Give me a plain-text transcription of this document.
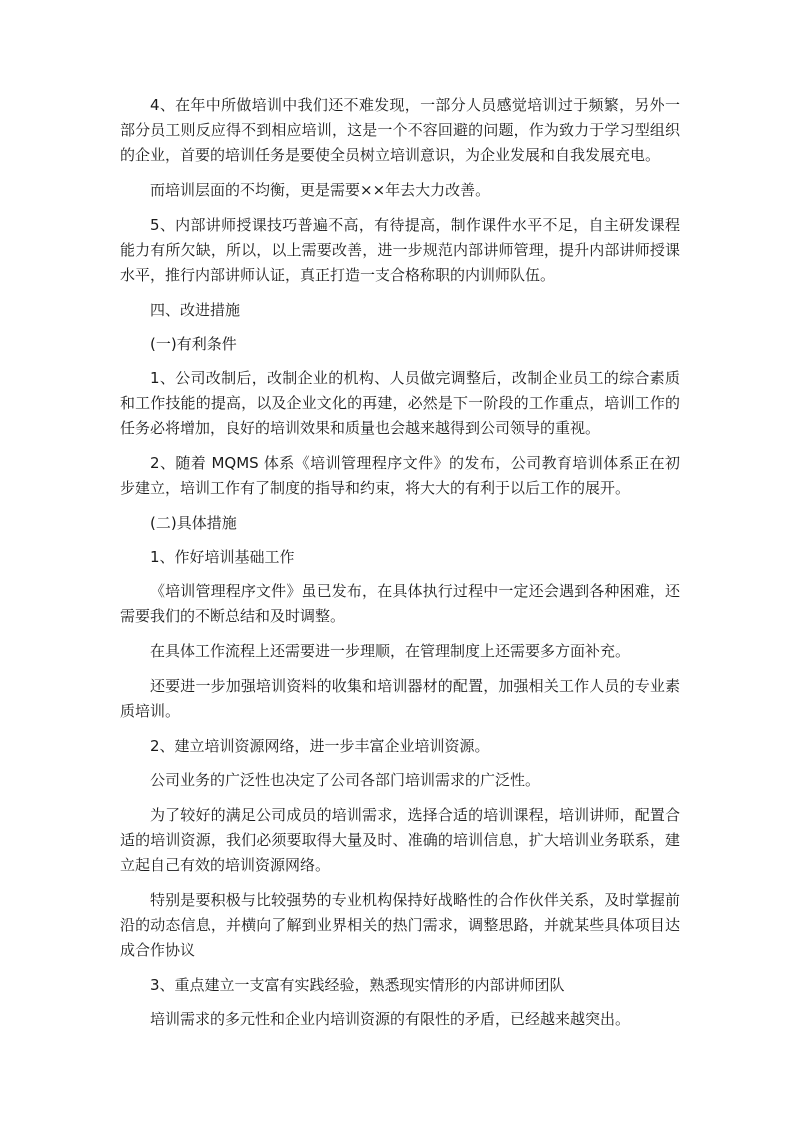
4、在年中所做培训中我们还不难发现，一部分人员感觉培训过于频繁，另外一部分员工则反应得不到相应培训，这是一个不容回避的问题，作为致力于学习型组织的企业，首要的培训任务是要使全员树立培训意识，为企业发展和自我发展充电。

而培训层面的不均衡，更是需要××年去大力改善。

5、内部讲师授课技巧普遍不高，有待提高，制作课件水平不足，自主研发课程能力有所欠缺，所以，以上需要改善，进一步规范内部讲师管理，提升内部讲师授课水平，推行内部讲师认证，真正打造一支合格称职的内训师队伍。

四、改进措施

(一)有利条件

1、公司改制后，改制企业的机构、人员做完调整后，改制企业员工的综合素质和工作技能的提高，以及企业文化的再建，必然是下一阶段的工作重点，培训工作的任务必将增加，良好的培训效果和质量也会越来越得到公司领导的重视。

2、随着 MQMS 体系《培训管理程序文件》的发布，公司教育培训体系正在初步建立，培训工作有了制度的指导和约束，将大大的有利于以后工作的展开。

(二)具体措施

1、作好培训基础工作

《培训管理程序文件》虽已发布，在具体执行过程中一定还会遇到各种困难，还需要我们的不断总结和及时调整。

在具体工作流程上还需要进一步理顺，在管理制度上还需要多方面补充。

还要进一步加强培训资料的收集和培训器材的配置，加强相关工作人员的专业素质培训。

2、建立培训资源网络，进一步丰富企业培训资源。

公司业务的广泛性也决定了公司各部门培训需求的广泛性。

为了较好的满足公司成员的培训需求，选择合适的培训课程，培训讲师，配置合适的培训资源，我们必须要取得大量及时、准确的培训信息，扩大培训业务联系，建立起自己有效的培训资源网络。

特别是要积极与比较强势的专业机构保持好战略性的合作伙伴关系，及时掌握前沿的动态信息，并横向了解到业界相关的热门需求，调整思路，并就某些具体项目达成合作协议

3、重点建立一支富有实践经验，熟悉现实情形的内部讲师团队

培训需求的多元性和企业内培训资源的有限性的矛盾，已经越来越突出。
